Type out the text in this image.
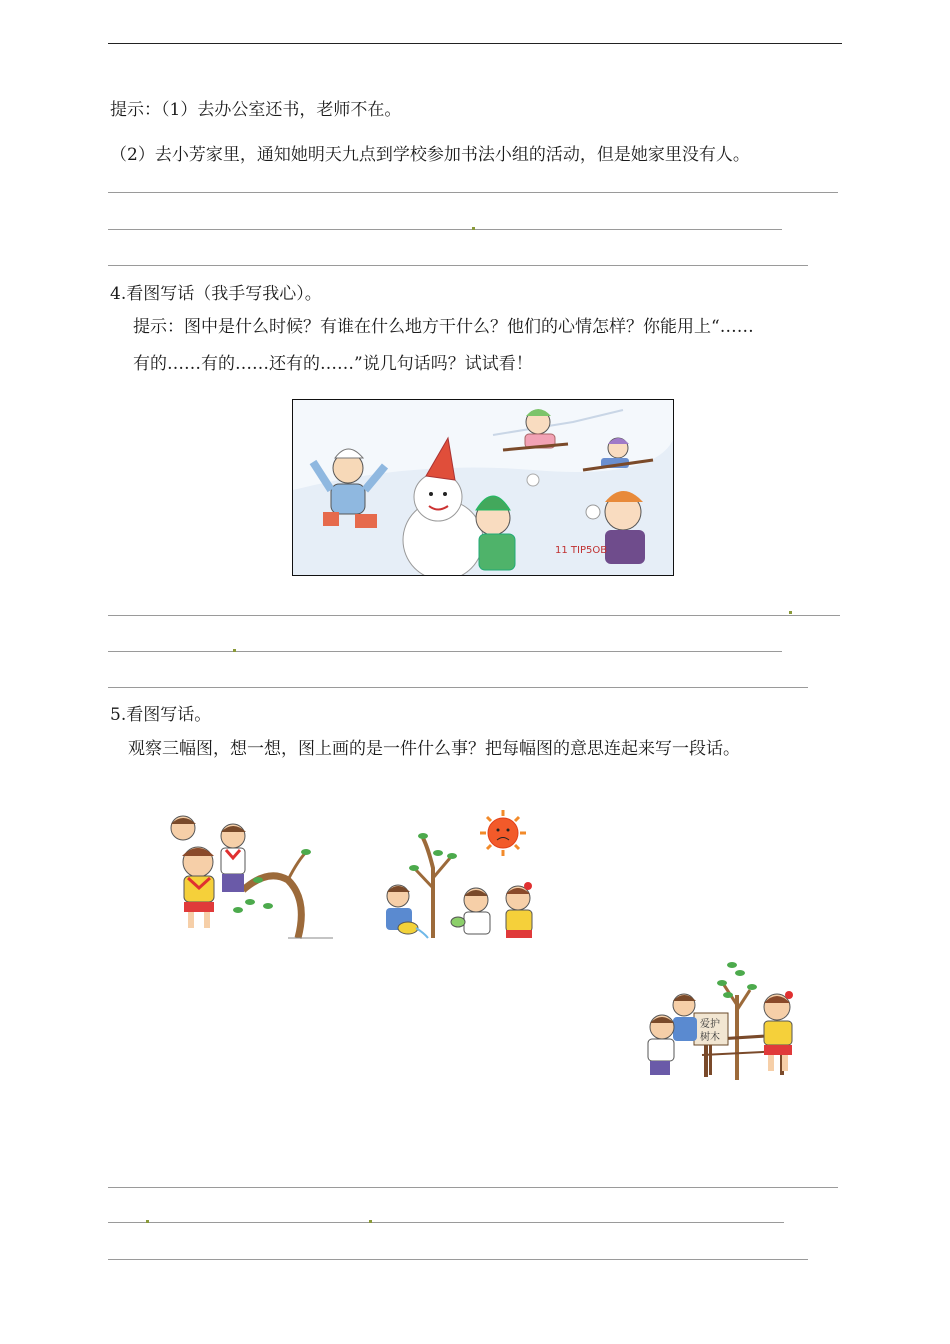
提示：（1）去办公室还书，老师不在。
（2）去小芳家里，通知她明天九点到学校参加书法小组的活动，但是她家里没有人。
4.看图写话（我手写我心）。
提示：图中是什么时候？有谁在什么地方干什么？他们的心情怎样？你能用上“……
有的……有的……还有的……”说几句话吗？试试看！
11 TIP5OB
5.看图写话。
观察三幅图，想一想，图上画的是一件什么事？把每幅图的意思连起来写一段话。
爱护
树木
